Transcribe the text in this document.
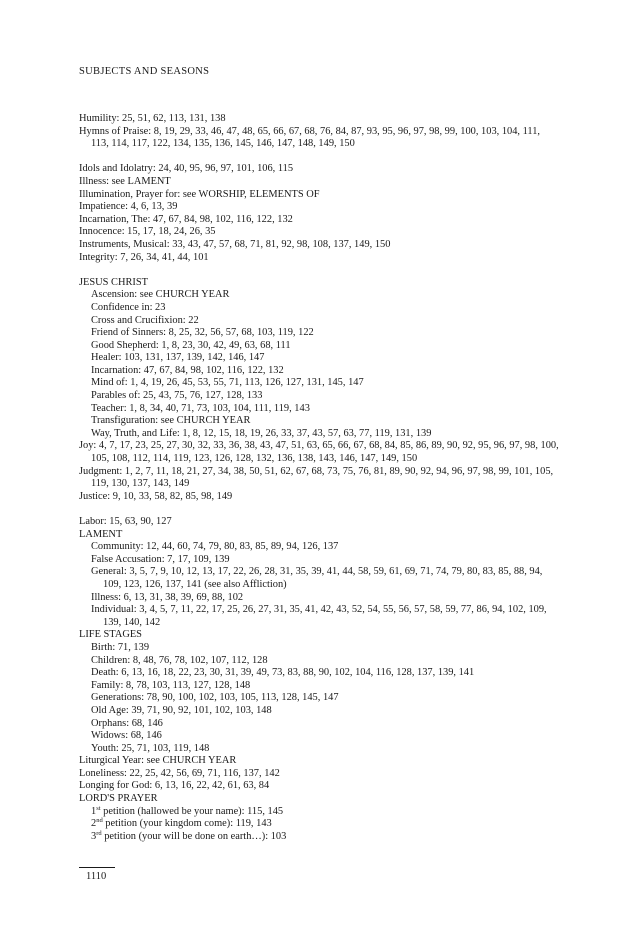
SUBJECTS AND SEASONS
Humility: 25, 51, 62, 113, 131, 138
Hymns of Praise: 8, 19, 29, 33, 46, 47, 48, 65, 66, 67, 68, 76, 84, 87, 93, 95, 96, 97, 98, 99, 100, 103, 104, 111, 113, 114, 117, 122, 134, 135, 136, 145, 146, 147, 148, 149, 150
Idols and Idolatry: 24, 40, 95, 96, 97, 101, 106, 115
Illness: see LAMENT
Illumination, Prayer for: see WORSHIP, ELEMENTS OF
Impatience: 4, 6, 13, 39
Incarnation, The: 47, 67, 84, 98, 102, 116, 122, 132
Innocence: 15, 17, 18, 24, 26, 35
Instruments, Musical: 33, 43, 47, 57, 68, 71, 81, 92, 98, 108, 137, 149, 150
Integrity: 7, 26, 34, 41, 44, 101
JESUS CHRIST
Ascension: see CHURCH YEAR
Confidence in: 23
Cross and Crucifixion: 22
Friend of Sinners: 8, 25, 32, 56, 57, 68, 103, 119, 122
Good Shepherd: 1, 8, 23, 30, 42, 49, 63, 68, 111
Healer: 103, 131, 137, 139, 142, 146, 147
Incarnation: 47, 67, 84, 98, 102, 116, 122, 132
Mind of: 1, 4, 19, 26, 45, 53, 55, 71, 113, 126, 127, 131, 145, 147
Parables of: 25, 43, 75, 76, 127, 128, 133
Teacher: 1, 8, 34, 40, 71, 73, 103, 104, 111, 119, 143
Transfiguration: see CHURCH YEAR
Way, Truth, and Life: 1, 8, 12, 15, 18, 19, 26, 33, 37, 43, 57, 63, 77, 119, 131, 139
Joy: 4, 7, 17, 23, 25, 27, 30, 32, 33, 36, 38, 43, 47, 51, 63, 65, 66, 67, 68, 84, 85, 86, 89, 90, 92, 95, 96, 97, 98, 100, 105, 108, 112, 114, 119, 123, 126, 128, 132, 136, 138, 143, 146, 147, 149, 150
Judgment: 1, 2, 7, 11, 18, 21, 27, 34, 38, 50, 51, 62, 67, 68, 73, 75, 76, 81, 89, 90, 92, 94, 96, 97, 98, 99, 101, 105, 119, 130, 137, 143, 149
Justice: 9, 10, 33, 58, 82, 85, 98, 149
Labor: 15, 63, 90, 127
LAMENT
Community: 12, 44, 60, 74, 79, 80, 83, 85, 89, 94, 126, 137
False Accusation: 7, 17, 109, 139
General: 3, 5, 7, 9, 10, 12, 13, 17, 22, 26, 28, 31, 35, 39, 41, 44, 58, 59, 61, 69, 71, 74, 79, 80, 83, 85, 88, 94, 109, 123, 126, 137, 141 (see also Affliction)
Illness: 6, 13, 31, 38, 39, 69, 88, 102
Individual: 3, 4, 5, 7, 11, 22, 17, 25, 26, 27, 31, 35, 41, 42, 43, 52, 54, 55, 56, 57, 58, 59, 77, 86, 94, 102, 109, 139, 140, 142
LIFE STAGES
Birth: 71, 139
Children: 8, 48, 76, 78, 102, 107, 112, 128
Death: 6, 13, 16, 18, 22, 23, 30, 31, 39, 49, 73, 83, 88, 90, 102, 104, 116, 128, 137, 139, 141
Family: 8, 78, 103, 113, 127, 128, 148
Generations: 78, 90, 100, 102, 103, 105, 113, 128, 145, 147
Old Age: 39, 71, 90, 92, 101, 102, 103, 148
Orphans: 68, 146
Widows: 68, 146
Youth: 25, 71, 103, 119, 148
Liturgical Year: see CHURCH YEAR
Loneliness: 22, 25, 42, 56, 69, 71, 116, 137, 142
Longing for God: 6, 13, 16, 22, 42, 61, 63, 84
LORD'S PRAYER
1st petition (hallowed be your name): 115, 145
2nd petition (your kingdom come): 119, 143
3rd petition (your will be done on earth…): 103
1110
